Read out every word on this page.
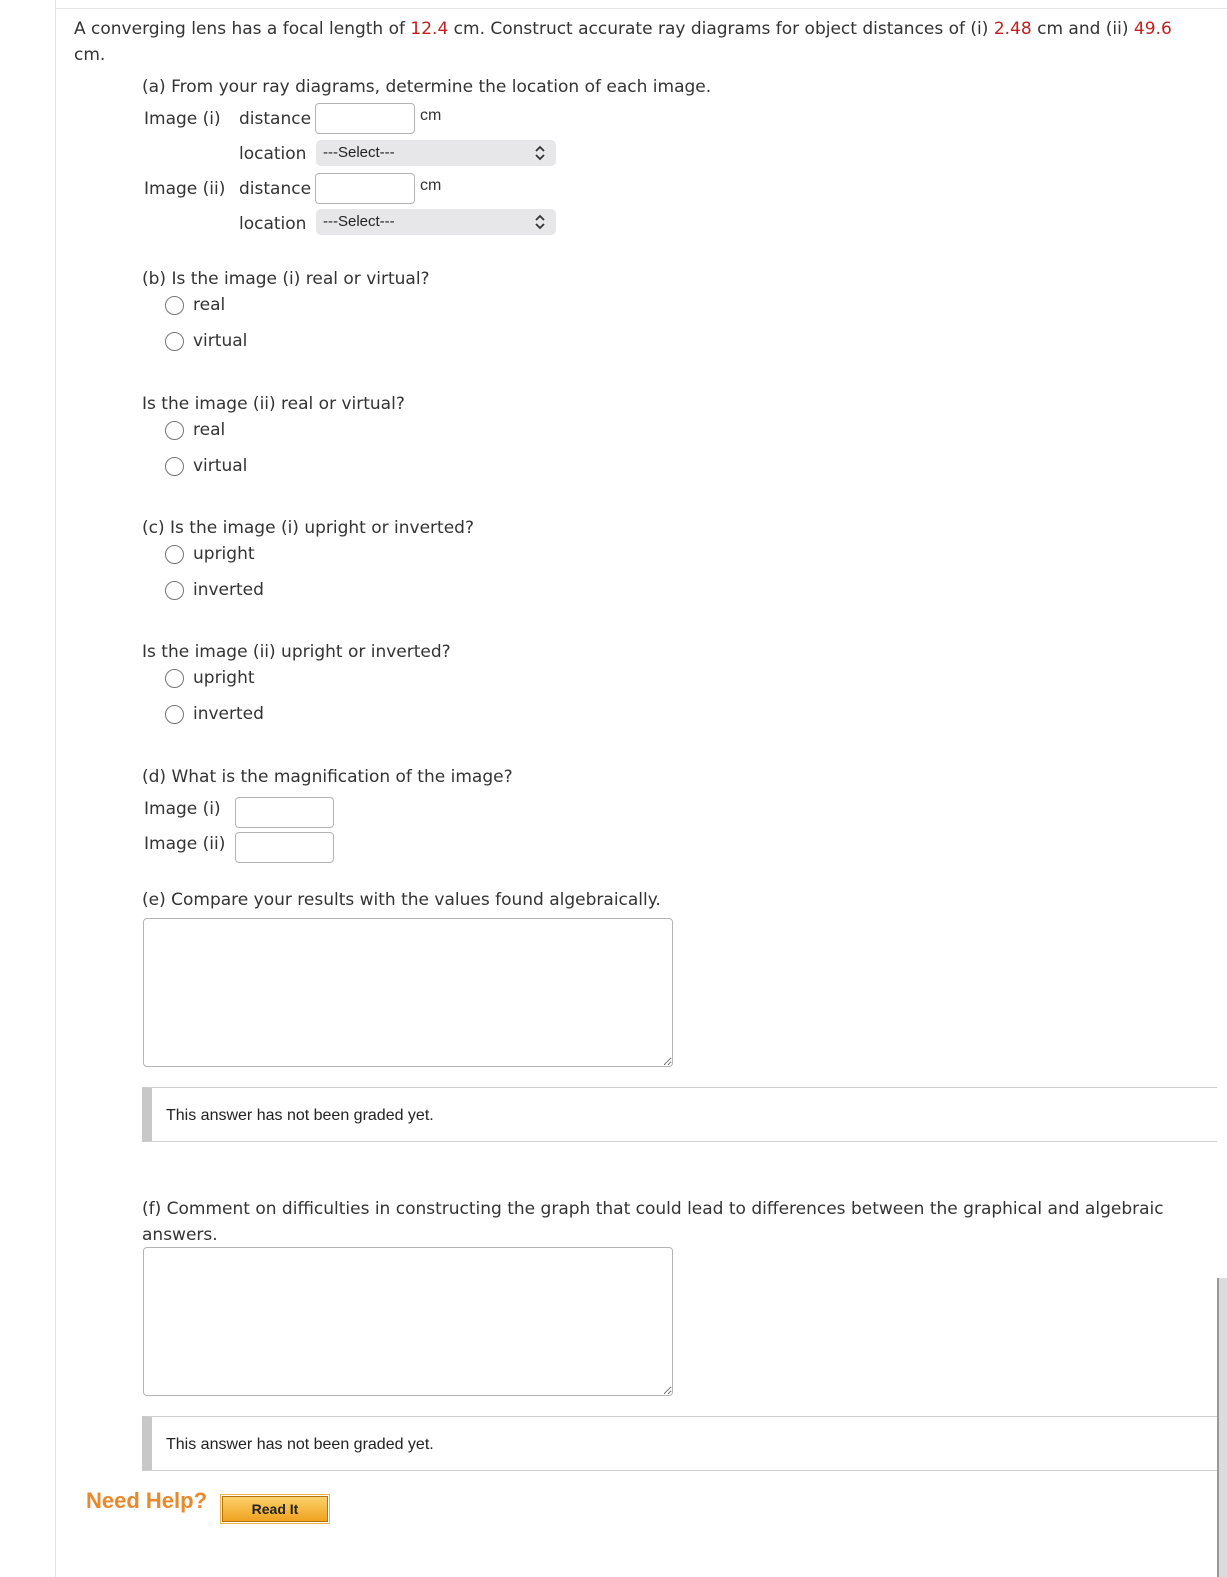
A converging lens has a focal length of 12.4 cm. Construct accurate ray diagrams for object distances of (i) 2.48 cm and (ii) 49.6 cm.
(a) From your ray diagrams, determine the location of each image.
Image (i) distance	cm
location	---Select---
Image (ii) distance	cm
location	---Select---
(b) Is the image (i) real or virtual?
real
virtual
Is the image (ii) real or virtual?
real
virtual
(c) Is the image (i) upright or inverted?
upright
inverted
Is the image (ii) upright or inverted?
upright
inverted
(d) What is the magnification of the image?
Image (i)
Image (ii)
(e) Compare your results with the values found algebraically.
This answer has not been graded yet.
(f) Comment on difficulties in constructing the graph that could lead to differences between the graphical and algebraic answers.
This answer has not been graded yet.
Need Help?	Read It
